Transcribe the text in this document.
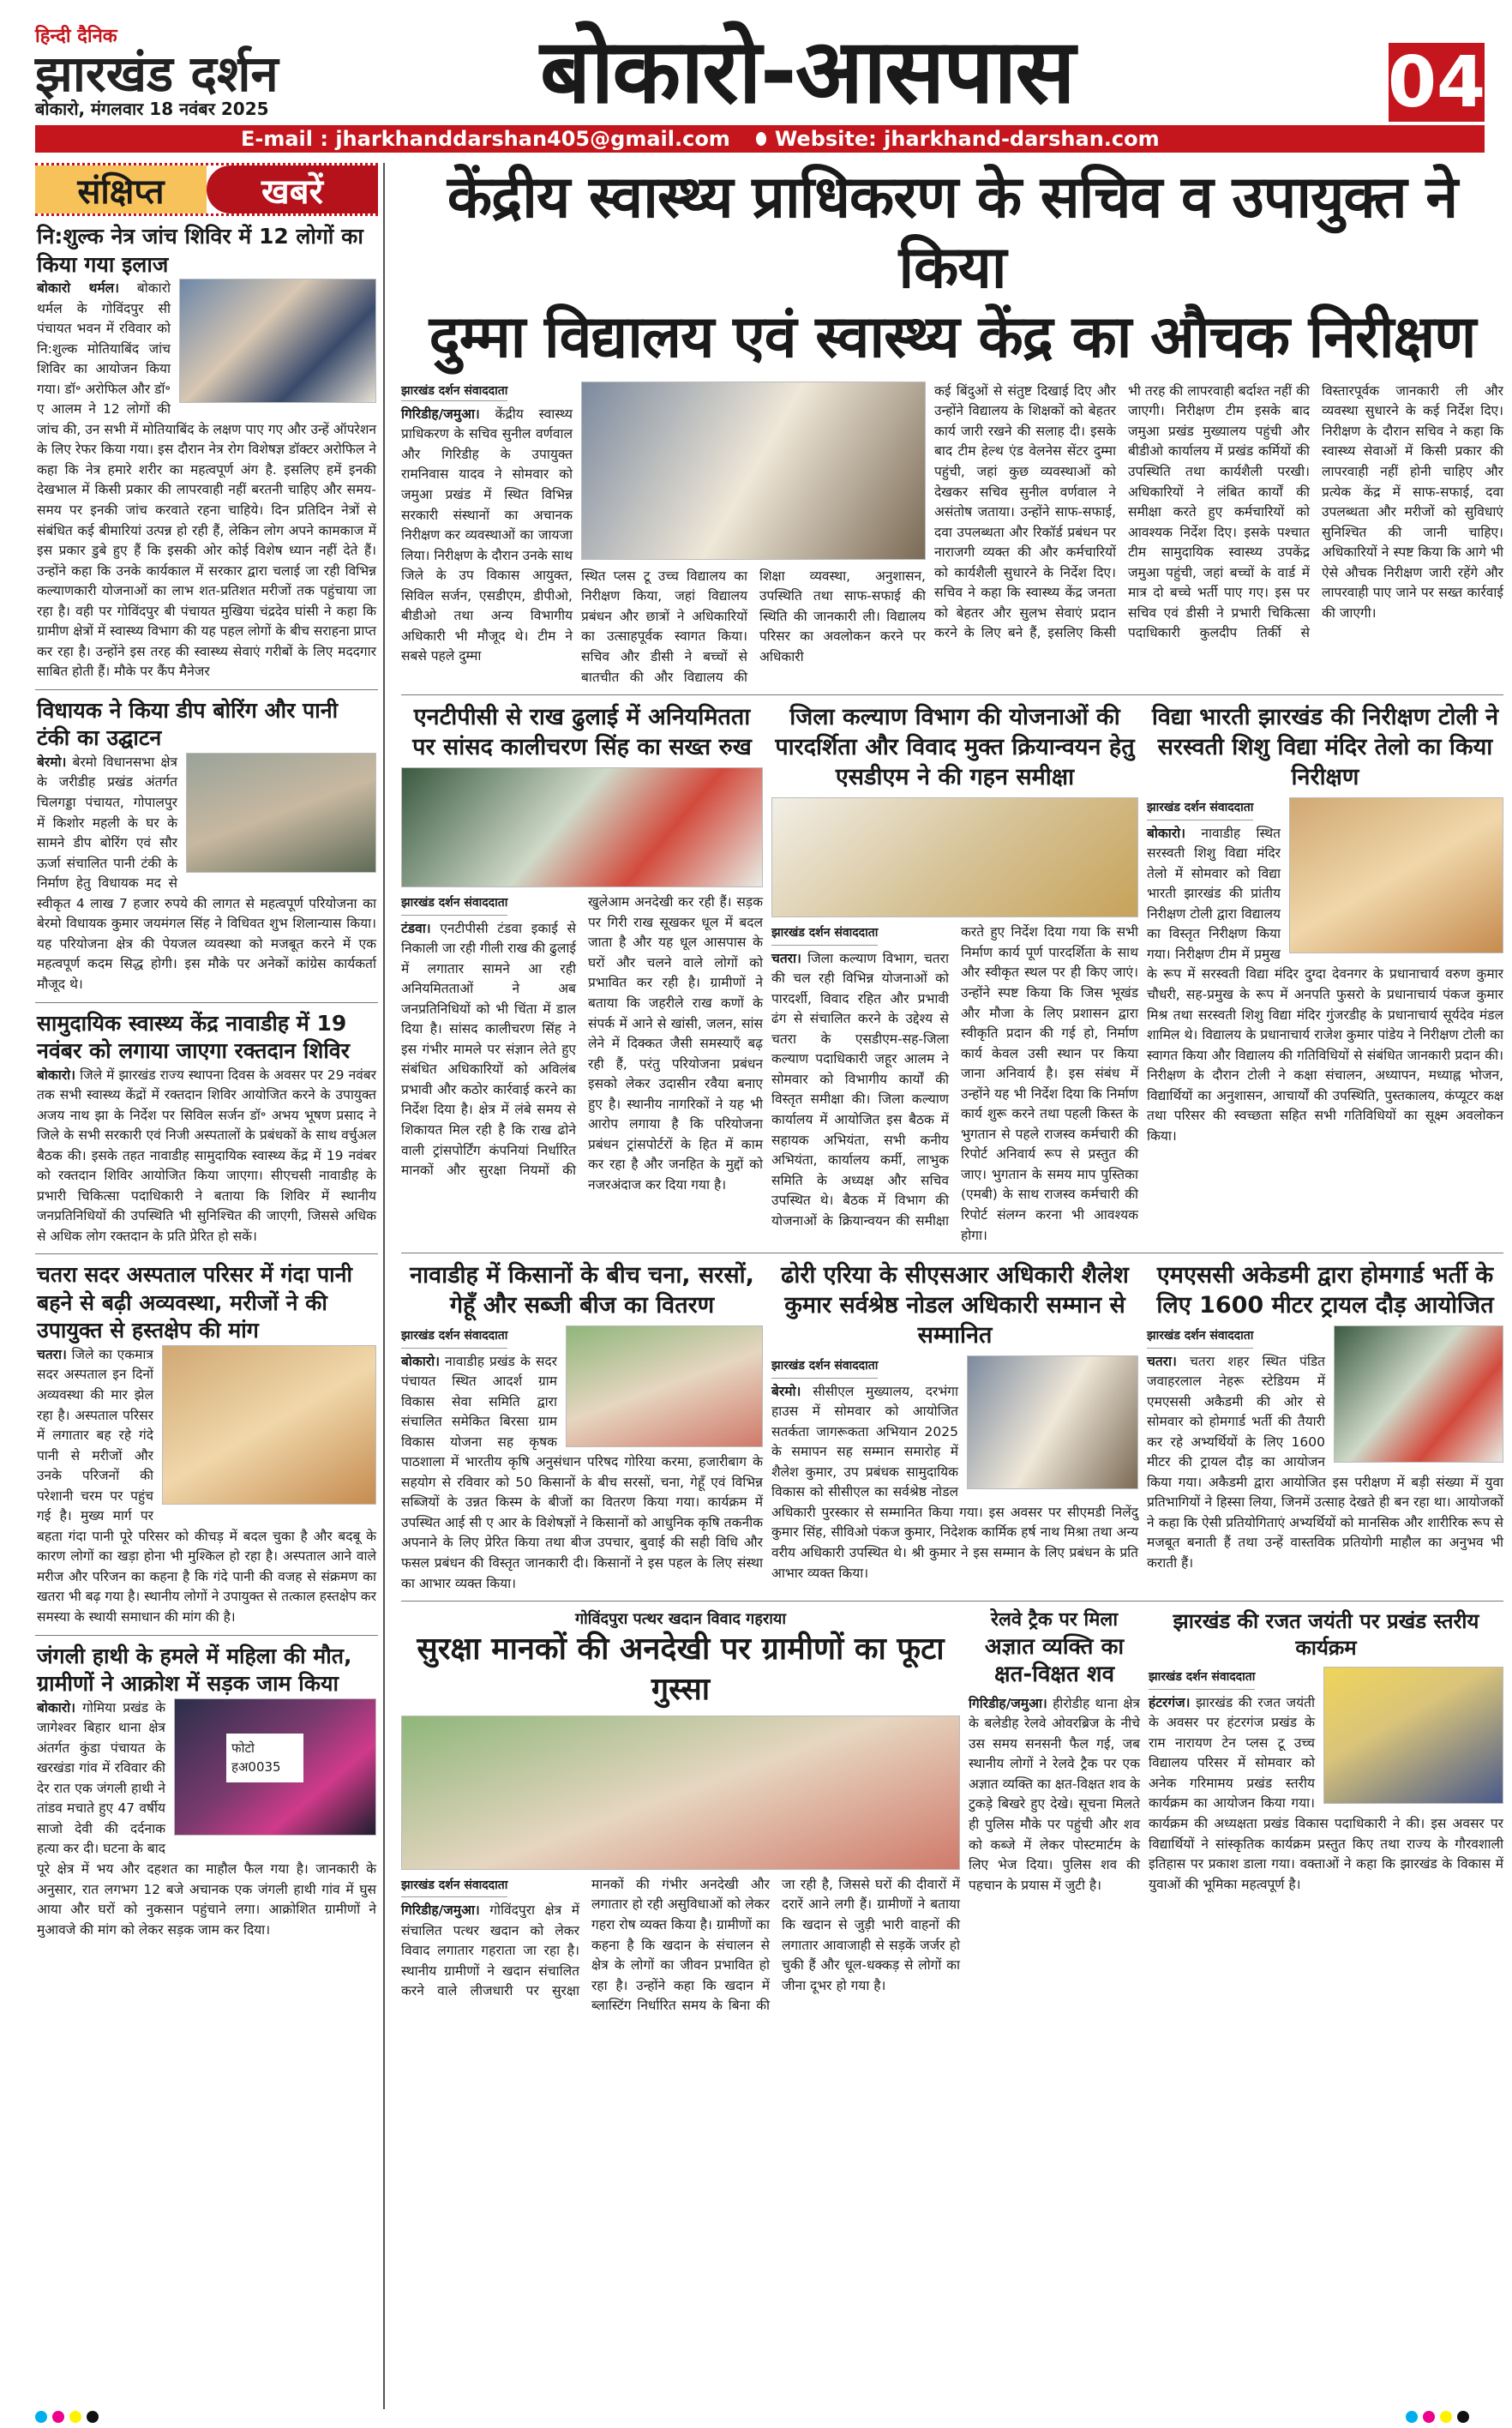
हिन्दी दैनिक
झारखंड दर्शन
बोकारो, मंगलवार 18 नवंबर 2025	बोकारो-आसपास	04
E-mail : jharkhanddarshan405@gmail.com Website: jharkhand-darshan.com
संक्षिप्त	खबरें
नि:शुल्क नेत्र जांच शिविर में 12 लोगों का किया गया इलाज
बोकारो थर्मल। बोकारो थर्मल के गोविंदपुर सी पंचायत भवन में रविवार को नि:शुल्क मोतियाबिंद जांच शिविर का आयोजन किया गया। डॉ॰ अरोफिल और डॉ॰ ए आलम ने 12 लोगों की जांच की, उन सभी में मोतियाबिंद के लक्षण पाए गए और उन्हें ऑपरेशन के लिए रेफर किया गया। इस दौरान नेत्र रोग विशेषज्ञ डॉक्टर अरोफिल ने कहा कि नेत्र हमारे शरीर का महत्वपूर्ण अंग है. इसलिए हमें इनकी देखभाल में किसी प्रकार की लापरवाही नहीं बरतनी चाहिए और समय-समय पर इनकी जांच करवाते रहना चाहिये। दिन प्रतिदिन नेत्रों से संबंधित कई बीमारियां उत्पन्न हो रही हैं, लेकिन लोग अपने कामकाज में इस प्रकार डुबे हुए हैं कि इसकी ओर कोई विशेष ध्यान नहीं देते हैं। उन्होंने कहा कि उनके कार्यकाल में सरकार द्वारा चलाई जा रही विभिन्न कल्याणकारी योजनाओं का लाभ शत-प्रतिशत मरीजों तक पहुंचाया जा रहा है। वही पर गोविंदपुर बी पंचायत मुखिया चंद्रदेव घांसी ने कहा कि ग्रामीण क्षेत्रों में स्वास्थ्य विभाग की यह पहल लोगों के बीच सराहना प्राप्त कर रहा है। उन्होंने इस तरह की स्वास्थ्य सेवाएं गरीबों के लिए मददगार साबित होती हैं। मौके पर कैंप मैनेजर
विधायक ने किया डीप बोरिंग और पानी टंकी का उद्घाटन
बेरमो। बेरमो विधानसभा क्षेत्र के जरीडीह प्रखंड अंतर्गत चिलगड्डा पंचायत, गोपालपुर में किशोर महली के घर के सामने डीप बोरिंग एवं सौर ऊर्जा संचालित पानी टंकी के निर्माण हेतु विधायक मद से स्वीकृत 4 लाख 7 हजार रुपये की लागत से महत्वपूर्ण परियोजना का बेरमो विधायक कुमार जयमंगल सिंह ने विधिवत शुभ शिलान्यास किया। यह परियोजना क्षेत्र की पेयजल व्यवस्था को मजबूत करने में एक महत्वपूर्ण कदम सिद्ध होगी। इस मौके पर अनेकों कांग्रेस कार्यकर्ता मौजूद थे।
सामुदायिक स्वास्थ्य केंद्र नावाडीह में 19 नवंबर को लगाया जाएगा रक्तदान शिविर
बोकारो। जिले में झारखंड राज्य स्थापना दिवस के अवसर पर 29 नवंबर तक सभी स्वास्थ्य केंद्रों में रक्तदान शिविर आयोजित करने के उपायुक्त अजय नाथ झा के निर्देश पर सिविल सर्जन डॉ॰ अभय भूषण प्रसाद ने जिले के सभी सरकारी एवं निजी अस्पतालों के प्रबंधकों के साथ वर्चुअल बैठक की। इसके तहत नावाडीह सामुदायिक स्वास्थ्य केंद्र में 19 नवंबर को रक्तदान शिविर आयोजित किया जाएगा। सीएचसी नावाडीह के प्रभारी चिकित्सा पदाधिकारी ने बताया कि शिविर में स्थानीय जनप्रतिनिधियों की उपस्थिति भी सुनिश्चित की जाएगी, जिससे अधिक से अधिक लोग रक्तदान के प्रति प्रेरित हो सकें।
चतरा सदर अस्पताल परिसर में गंदा पानी बहने से बढ़ी अव्यवस्था, मरीजों ने की उपायुक्त से हस्तक्षेप की मांग
चतरा। जिले का एकमात्र सदर अस्पताल इन दिनों अव्यवस्था की मार झेल रहा है। अस्पताल परिसर में लगातार बह रहे गंदे पानी से मरीजों और उनके परिजनों की परेशानी चरम पर पहुंच गई है। मुख्य मार्ग पर बहता गंदा पानी पूरे परिसर को कीचड़ में बदल चुका है और बदबू के कारण लोगों का खड़ा होना भी मुश्किल हो रहा है। अस्पताल आने वाले मरीज और परिजन का कहना है कि गंदे पानी की वजह से संक्रमण का खतरा भी बढ़ गया है। स्थानीय लोगों ने उपायुक्त से तत्काल हस्तक्षेप कर समस्या के स्थायी समाधान की मांग की है।
जंगली हाथी के हमले में महिला की मौत, ग्रामीणों ने आक्रोश में सड़क जाम किया
फोटो हअ0035
बोकारो। गोमिया प्रखंड के जागेश्वर बिहार थाना क्षेत्र अंतर्गत कुंडा पंचायत के खरखंडा गांव में रविवार की देर रात एक जंगली हाथी ने तांडव मचाते हुए 47 वर्षीय साजो देवी की दर्दनाक हत्या कर दी। घटना के बाद पूरे क्षेत्र में भय और दहशत का माहौल फैल गया है। जानकारी के अनुसार, रात लगभग 12 बजे अचानक एक जंगली हाथी गांव में घुस आया और घरों को नुकसान पहुंचाने लगा। आक्रोशित ग्रामीणों ने मुआवजे की मांग को लेकर सड़क जाम कर दिया।
केंद्रीय स्वास्थ्य प्राधिकरण के सचिव व उपायुक्त ने किया
दुम्मा विद्यालय एवं स्वास्थ्य केंद्र का औचक निरीक्षण
झारखंड दर्शन संवाददाता
गिरिडीह/जमुआ। केंद्रीय स्वास्थ्य प्राधिकरण के सचिव सुनील वर्णवाल और गिरिडीह के उपायुक्त रामनिवास यादव ने सोमवार को जमुआ प्रखंड में स्थित विभिन्न सरकारी संस्थानों का अचानक निरीक्षण कर व्यवस्थाओं का जायजा लिया। निरीक्षण के दौरान उनके साथ जिले के उप विकास आयुक्त, सिविल सर्जन, एसडीएम, डीपीओ, बीडीओ तथा अन्य विभागीय अधिकारी भी मौजूद थे। टीम ने सबसे पहले दुम्मा
स्थित प्लस टू उच्च विद्यालय का निरीक्षण किया, जहां विद्यालय प्रबंधन और छात्रों ने अधिकारियों का उत्साहपूर्वक स्वागत किया। सचिव और डीसी ने बच्चों से बातचीत की और विद्यालय की शिक्षा व्यवस्था, अनुशासन, उपस्थिति तथा साफ-सफाई की स्थिति की जानकारी ली। विद्यालय परिसर का अवलोकन करने पर अधिकारी
कई बिंदुओं से संतुष्ट दिखाई दिए और उन्होंने विद्यालय के शिक्षकों को बेहतर कार्य जारी रखने की सलाह दी। इसके बाद टीम हेल्थ एंड वेलनेस सेंटर दुम्मा पहुंची, जहां कुछ व्यवस्थाओं को देखकर सचिव सुनील वर्णवाल ने असंतोष जताया। उन्होंने साफ-सफाई, दवा उपलब्धता और रिकॉर्ड प्रबंधन पर नाराजगी व्यक्त की और कर्मचारियों को कार्यशैली सुधारने के निर्देश दिए। सचिव ने कहा कि स्वास्थ्य केंद्र जनता को बेहतर और सुलभ सेवाएं प्रदान करने के लिए बने हैं, इसलिए किसी भी तरह की लापरवाही बर्दाश्त नहीं की जाएगी। निरीक्षण टीम इसके बाद जमुआ प्रखंड मुख्यालय पहुंची और बीडीओ कार्यालय में प्रखंड कर्मियों की उपस्थिति तथा कार्यशैली परखी। अधिकारियों ने लंबित कार्यों की समीक्षा करते हुए कर्मचारियों को आवश्यक निर्देश दिए। इसके पश्चात टीम सामुदायिक स्वास्थ्य उपकेंद्र जमुआ पहुंची, जहां बच्चों के वार्ड में मात्र दो बच्चे भर्ती पाए गए। इस पर सचिव एवं डीसी ने प्रभारी चिकित्सा पदाधिकारी कुलदीप तिर्की से विस्तारपूर्वक जानकारी ली और व्यवस्था सुधारने के कई निर्देश दिए। निरीक्षण के दौरान सचिव ने कहा कि स्वास्थ्य सेवाओं में किसी प्रकार की लापरवाही नहीं होनी चाहिए और प्रत्येक केंद्र में साफ-सफाई, दवा उपलब्धता और मरीजों को सुविधाएं सुनिश्चित की जानी चाहिए। अधिकारियों ने स्पष्ट किया कि आगे भी ऐसे औचक निरीक्षण जारी रहेंगे और लापरवाही पाए जाने पर सख्त कार्रवाई की जाएगी।
एनटीपीसी से राख ढुलाई में अनियमितता पर सांसद कालीचरण सिंह का सख्त रुख
झारखंड दर्शन संवाददाता
टंडवा। एनटीपीसी टंडवा इकाई से निकाली जा रही गीली राख की ढुलाई में लगातार सामने आ रही अनियमितताओं ने अब जनप्रतिनिधियों को भी चिंता में डाल दिया है। सांसद कालीचरण सिंह ने इस गंभीर मामले पर संज्ञान लेते हुए संबंधित अधिकारियों को अविलंब प्रभावी और कठोर कार्रवाई करने का निर्देश दिया है। क्षेत्र में लंबे समय से शिकायत मिल रही है कि राख ढोने वाली ट्रांसपोर्टिंग कंपनियां निर्धारित मानकों और सुरक्षा नियमों की खुलेआम अनदेखी कर रही हैं। सड़क पर गिरी राख सूखकर धूल में बदल जाता है और यह धूल आसपास के घरों और चलने वाले लोगों को प्रभावित कर रही है। ग्रामीणों ने बताया कि जहरीले राख कणों के संपर्क में आने से खांसी, जलन, सांस लेने में दिक्कत जैसी समस्याएँ बढ़ रही हैं, परंतु परियोजना प्रबंधन इसको लेकर उदासीन रवैया बनाए हुए है। स्थानीय नागरिकों ने यह भी आरोप लगाया है कि परियोजना प्रबंधन ट्रांसपोर्टरों के हित में काम कर रहा है और जनहित के मुद्दों को नजरअंदाज कर दिया गया है।
जिला कल्याण विभाग की योजनाओं की पारदर्शिता और विवाद मुक्त क्रियान्वयन हेतु एसडीएम ने की गहन समीक्षा
झारखंड दर्शन संवाददाता
चतरा। जिला कल्याण विभाग, चतरा की चल रही विभिन्न योजनाओं को पारदर्शी, विवाद रहित और प्रभावी ढंग से संचालित करने के उद्देश्य से चतरा के एसडीएम-सह-जिला कल्याण पदाधिकारी जहूर आलम ने सोमवार को विभागीय कार्यों की विस्तृत समीक्षा की। जिला कल्याण कार्यालय में आयोजित इस बैठक में सहायक अभियंता, सभी कनीय अभियंता, कार्यालय कर्मी, लाभुक समिति के अध्यक्ष और सचिव उपस्थित थे। बैठक में विभाग की योजनाओं के क्रियान्वयन की समीक्षा करते हुए निर्देश दिया गया कि सभी निर्माण कार्य पूर्ण पारदर्शिता के साथ और स्वीकृत स्थल पर ही किए जाएं। उन्होंने स्पष्ट किया कि जिस भूखंड और मौजा के लिए प्रशासन द्वारा स्वीकृति प्रदान की गई हो, निर्माण कार्य केवल उसी स्थान पर किया जाना अनिवार्य है। इस संबंध में उन्होंने यह भी निर्देश दिया कि निर्माण कार्य शुरू करने तथा पहली किस्त के भुगतान से पहले राजस्व कर्मचारी की रिपोर्ट अनिवार्य रूप से प्रस्तुत की जाए। भुगतान के समय माप पुस्तिका (एमबी) के साथ राजस्व कर्मचारी की रिपोर्ट संलग्न करना भी आवश्यक होगा।
विद्या भारती झारखंड की निरीक्षण टोली ने सरस्वती शिशु विद्या मंदिर तेलो का किया निरीक्षण
झारखंड दर्शन संवाददाता
बोकारो। नावाडीह स्थित सरस्वती शिशु विद्या मंदिर तेलो में सोमवार को विद्या भारती झारखंड की प्रांतीय निरीक्षण टोली द्वारा विद्यालय का विस्तृत निरीक्षण किया गया। निरीक्षण टीम में प्रमुख के रूप में सरस्वती विद्या मंदिर दुग्दा देवनगर के प्रधानाचार्य वरुण कुमार चौधरी, सह-प्रमुख के रूप में अनपति फुसरो के प्रधानाचार्य पंकज कुमार मिश्र तथा सरस्वती शिशु विद्या मंदिर गुंजरडीह के प्रधानाचार्य सूर्यदेव मंडल शामिल थे। विद्यालय के प्रधानाचार्य राजेश कुमार पांडेय ने निरीक्षण टोली का स्वागत किया और विद्यालय की गतिविधियों से संबंधित जानकारी प्रदान की। निरीक्षण के दौरान टोली ने कक्षा संचालन, अध्यापन, मध्याह्न भोजन, विद्यार्थियों का अनुशासन, आचार्यों की उपस्थिति, पुस्तकालय, कंप्यूटर कक्ष तथा परिसर की स्वच्छता सहित सभी गतिविधियों का सूक्ष्म अवलोकन किया।
नावाडीह में किसानों के बीच चना, सरसों, गेहूँ और सब्जी बीज का वितरण
झारखंड दर्शन संवाददाता
बोकारो। नावाडीह प्रखंड के सदर पंचायत स्थित आदर्श ग्राम विकास सेवा समिति द्वारा संचालित समेकित बिरसा ग्राम विकास योजना सह कृषक पाठशाला में भारतीय कृषि अनुसंधान परिषद गोरिया करमा, हजारीबाग के सहयोग से रविवार को 50 किसानों के बीच सरसों, चना, गेहूँ एवं विभिन्न सब्जियों के उन्नत किस्म के बीजों का वितरण किया गया। कार्यक्रम में उपस्थित आई सी ए आर के विशेषज्ञों ने किसानों को आधुनिक कृषि तकनीक अपनाने के लिए प्रेरित किया तथा बीज उपचार, बुवाई की सही विधि और फसल प्रबंधन की विस्तृत जानकारी दी। किसानों ने इस पहल के लिए संस्था का आभार व्यक्त किया।
ढोरी एरिया के सीएसआर अधिकारी शैलेश कुमार सर्वश्रेष्ठ नोडल अधिकारी सम्मान से सम्मानित
झारखंड दर्शन संवाददाता
बेरमो। सीसीएल मुख्यालय, दरभंगा हाउस में सोमवार को आयोजित सतर्कता जागरूकता अभियान 2025 के समापन सह सम्मान समारोह में शैलेश कुमार, उप प्रबंधक सामुदायिक विकास को सीसीएल का सर्वश्रेष्ठ नोडल अधिकारी पुरस्कार से सम्मानित किया गया। इस अवसर पर सीएमडी निलेंदु कुमार सिंह, सीविओ पंकज कुमार, निदेशक कार्मिक हर्ष नाथ मिश्रा तथा अन्य वरीय अधिकारी उपस्थित थे। श्री कुमार ने इस सम्मान के लिए प्रबंधन के प्रति आभार व्यक्त किया।
एमएससी अकेडमी द्वारा होमगार्ड भर्ती के लिए 1600 मीटर ट्रायल दौड़ आयोजित
झारखंड दर्शन संवाददाता
चतरा। चतरा शहर स्थित पंडित जवाहरलाल नेहरू स्टेडियम में एमएससी अकैडमी की ओर से सोमवार को होमगार्ड भर्ती की तैयारी कर रहे अभ्यर्थियों के लिए 1600 मीटर की ट्रायल दौड़ का आयोजन किया गया। अकैडमी द्वारा आयोजित इस परीक्षण में बड़ी संख्या में युवा प्रतिभागियों ने हिस्सा लिया, जिनमें उत्साह देखते ही बन रहा था। आयोजकों ने कहा कि ऐसी प्रतियोगिताएं अभ्यर्थियों को मानसिक और शारीरिक रूप से मजबूत बनाती हैं तथा उन्हें वास्तविक प्रतियोगी माहौल का अनुभव भी कराती हैं।
गोविंदपुरा पत्थर खदान विवाद गहराया
सुरक्षा मानकों की अनदेखी पर ग्रामीणों का फूटा गुस्सा
झारखंड दर्शन संवाददाता
गिरिडीह/जमुआ। गोविंदपुरा क्षेत्र में संचालित पत्थर खदान को लेकर विवाद लगातार गहराता जा रहा है। स्थानीय ग्रामीणों ने खदान संचालित करने वाले लीजधारी पर सुरक्षा मानकों की गंभीर अनदेखी और लगातार हो रही असुविधाओं को लेकर गहरा रोष व्यक्त किया है। ग्रामीणों का कहना है कि खदान के संचालन से क्षेत्र के लोगों का जीवन प्रभावित हो रहा है। उन्होंने कहा कि खदान में ब्लास्टिंग निर्धारित समय के बिना की जा रही है, जिससे घरों की दीवारों में दरारें आने लगी हैं। ग्रामीणों ने बताया कि खदान से जुड़ी भारी वाहनों की लगातार आवाजाही से सड़कें जर्जर हो चुकी हैं और धूल-धक्कड़ से लोगों का जीना दूभर हो गया है।
रेलवे ट्रैक पर मिला
अज्ञात व्यक्ति का क्षत-विक्षत शव
गिरिडीह/जमुआ। हीरोडीह थाना क्षेत्र के बलेडीह रेलवे ओवरब्रिज के नीचे उस समय सनसनी फैल गई, जब स्थानीय लोगों ने रेलवे ट्रैक पर एक अज्ञात व्यक्ति का क्षत-विक्षत शव के टुकड़े बिखरे हुए देखे। सूचना मिलते ही पुलिस मौके पर पहुंची और शव को कब्जे में लेकर पोस्टमार्टम के लिए भेज दिया। पुलिस शव की पहचान के प्रयास में जुटी है।
झारखंड की रजत जयंती पर प्रखंड स्तरीय कार्यक्रम
झारखंड दर्शन संवाददाता
हंटरगंज। झारखंड की रजत जयंती के अवसर पर हंटरगंज प्रखंड के राम नारायण टेन प्लस टू उच्च विद्यालय परिसर में सोमवार को अनेक गरिमामय प्रखंड स्तरीय कार्यक्रम का आयोजन किया गया। कार्यक्रम की अध्यक्षता प्रखंड विकास पदाधिकारी ने की। इस अवसर पर विद्यार्थियों ने सांस्कृतिक कार्यक्रम प्रस्तुत किए तथा राज्य के गौरवशाली इतिहास पर प्रकाश डाला गया। वक्ताओं ने कहा कि झारखंड के विकास में युवाओं की भूमिका महत्वपूर्ण है।
